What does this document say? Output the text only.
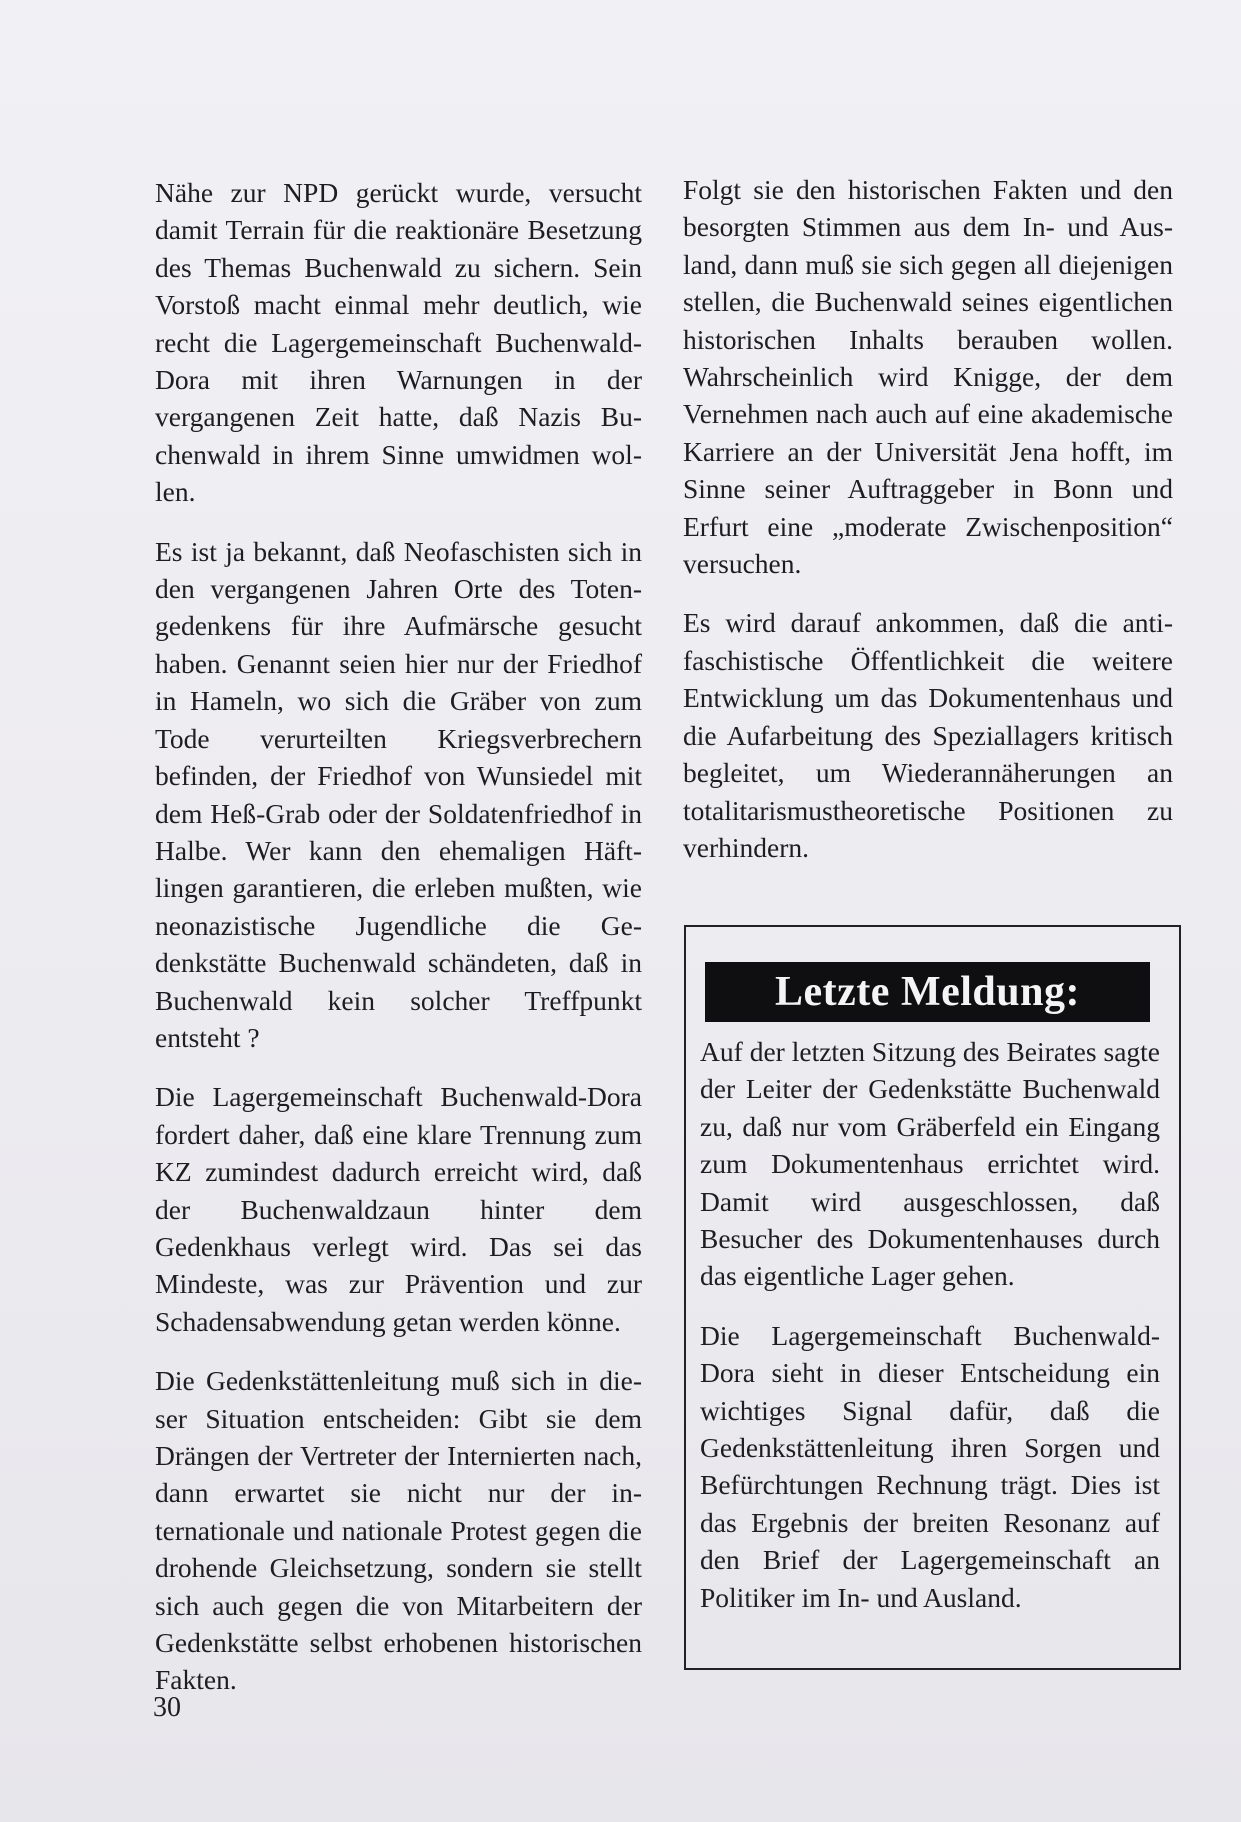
Nähe zur NPD gerückt wurde, versucht damit Terrain für die reaktionäre Besetzung des Themas Buchenwald zu sichern. Sein Vorstoß macht einmal mehr deutlich, wie recht die Lagergemeinschaft Buchenwald-Dora mit ihren Warnungen in der vergangenen Zeit hatte, daß Nazis Buchenwald in ihrem Sinne umwidmen wollen.

Es ist ja bekannt, daß Neofaschisten sich in den vergangenen Jahren Orte des Totengedenkens für ihre Aufmärsche gesucht haben. Genannt seien hier nur der Friedhof in Hameln, wo sich die Gräber von zum Tode verurteilten Kriegsverbrechern befinden, der Friedhof von Wunsiedel mit dem Heß-Grab oder der Soldatenfriedhof in Halbe. Wer kann den ehemaligen Häftlingen garantieren, die erleben mußten, wie neonazistische Jugendliche die Gedenkstätte Buchenwald schändeten, daß in Buchenwald kein solcher Treffpunkt entsteht ?

Die Lagergemeinschaft Buchenwald-Dora fordert daher, daß eine klare Trennung zum KZ zumindest dadurch erreicht wird, daß der Buchenwaldzaun hinter dem Gedenkhaus verlegt wird. Das sei das Mindeste, was zur Prävention und zur Schadensabwendung getan werden könne.

Die Gedenkstättenleitung muß sich in dieser Situation entscheiden: Gibt sie dem Drängen der Vertreter der Internierten nach, dann erwartet sie nicht nur der internationale und nationale Protest gegen die drohende Gleichsetzung, sondern sie stellt sich auch gegen die von Mitarbeitern der Gedenkstätte selbst erhobenen historischen Fakten.

Folgt sie den historischen Fakten und den besorgten Stimmen aus dem In- und Ausland, dann muß sie sich gegen all diejenigen stellen, die Buchenwald seines eigentlichen historischen Inhalts berauben wollen. Wahrscheinlich wird Knigge, der dem Vernehmen nach auch auf eine akademische Karriere an der Universität Jena hofft, im Sinne seiner Auftraggeber in Bonn und Erfurt eine „moderate Zwischenposition“ versuchen.

Es wird darauf ankommen, daß die antifaschistische Öffentlichkeit die weitere Entwicklung um das Dokumentenhaus und die Aufarbeitung des Speziallagers kritisch begleitet, um Wiederannäherungen an totalitarismustheoretische Positionen zu verhindern.

Letzte Meldung:

Auf der letzten Sitzung des Beirates sagte der Leiter der Gedenkstätte Buchenwald zu, daß nur vom Gräberfeld ein Eingang zum Dokumentenhaus errichtet wird. Damit wird ausgeschlossen, daß Besucher des Dokumentenhauses durch das eigentliche Lager gehen.

Die Lagergemeinschaft Buchenwald-Dora sieht in dieser Entscheidung ein wichtiges Signal dafür, daß die Gedenkstättenleitung ihren Sorgen und Befürchtungen Rechnung trägt. Dies ist das Ergebnis der breiten Resonanz auf den Brief der Lagergemeinschaft an Politiker im In- und Ausland.

30
